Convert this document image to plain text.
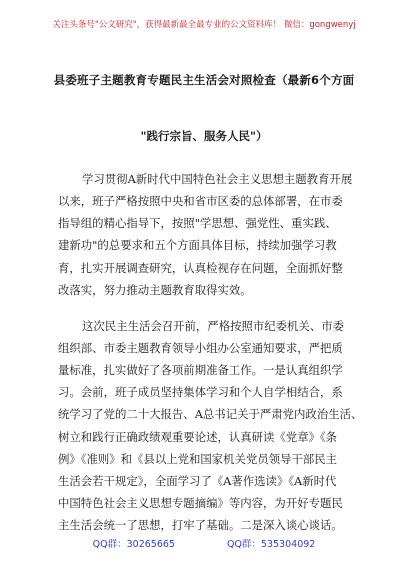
关注头条号"公文研究"，获得最新最全最专业的公文资料库！ 微信：gongwenyj
县委班子主题教育专题民主生活会对照检查（最新6个方面
"践行宗旨、服务人民"）
学习贯彻A新时代中国特色社会主义思想主题教育开展
以来，班子严格按照中央和省市区委的总体部署，在市委
指导组的精心指导下，按照"学思想、强党性、重实践、
建新功"的总要求和五个方面具体目标，持续加强学习教
育，扎实开展调查研究，认真检视存在问题，全面抓好整
改落实，努力推动主题教育取得实效。
这次民主生活会召开前，严格按照市纪委机关、市委
组织部、市委主题教育领导小组办公室通知要求，严把质
量标准，扎实做好了各项前期准备工作。一是认真组织学
习。会前，班子成员坚持集体学习和个人自学相结合，系
统学习了党的二十大报告、A总书记关于严肃党内政治生活、
树立和践行正确政绩观重要论述，认真研读《党章》《条
例》《准则》和《县以上党和国家机关党员领导干部民主
生活会若干规定》，全面学习了《A著作选读》《A新时代
中国特色社会主义思想专题摘编》等内容，为开好专题民
主生活会统一了思想，打牢了基础。二是深入谈心谈话。
QQ群：30265665	QQ群：535304092
